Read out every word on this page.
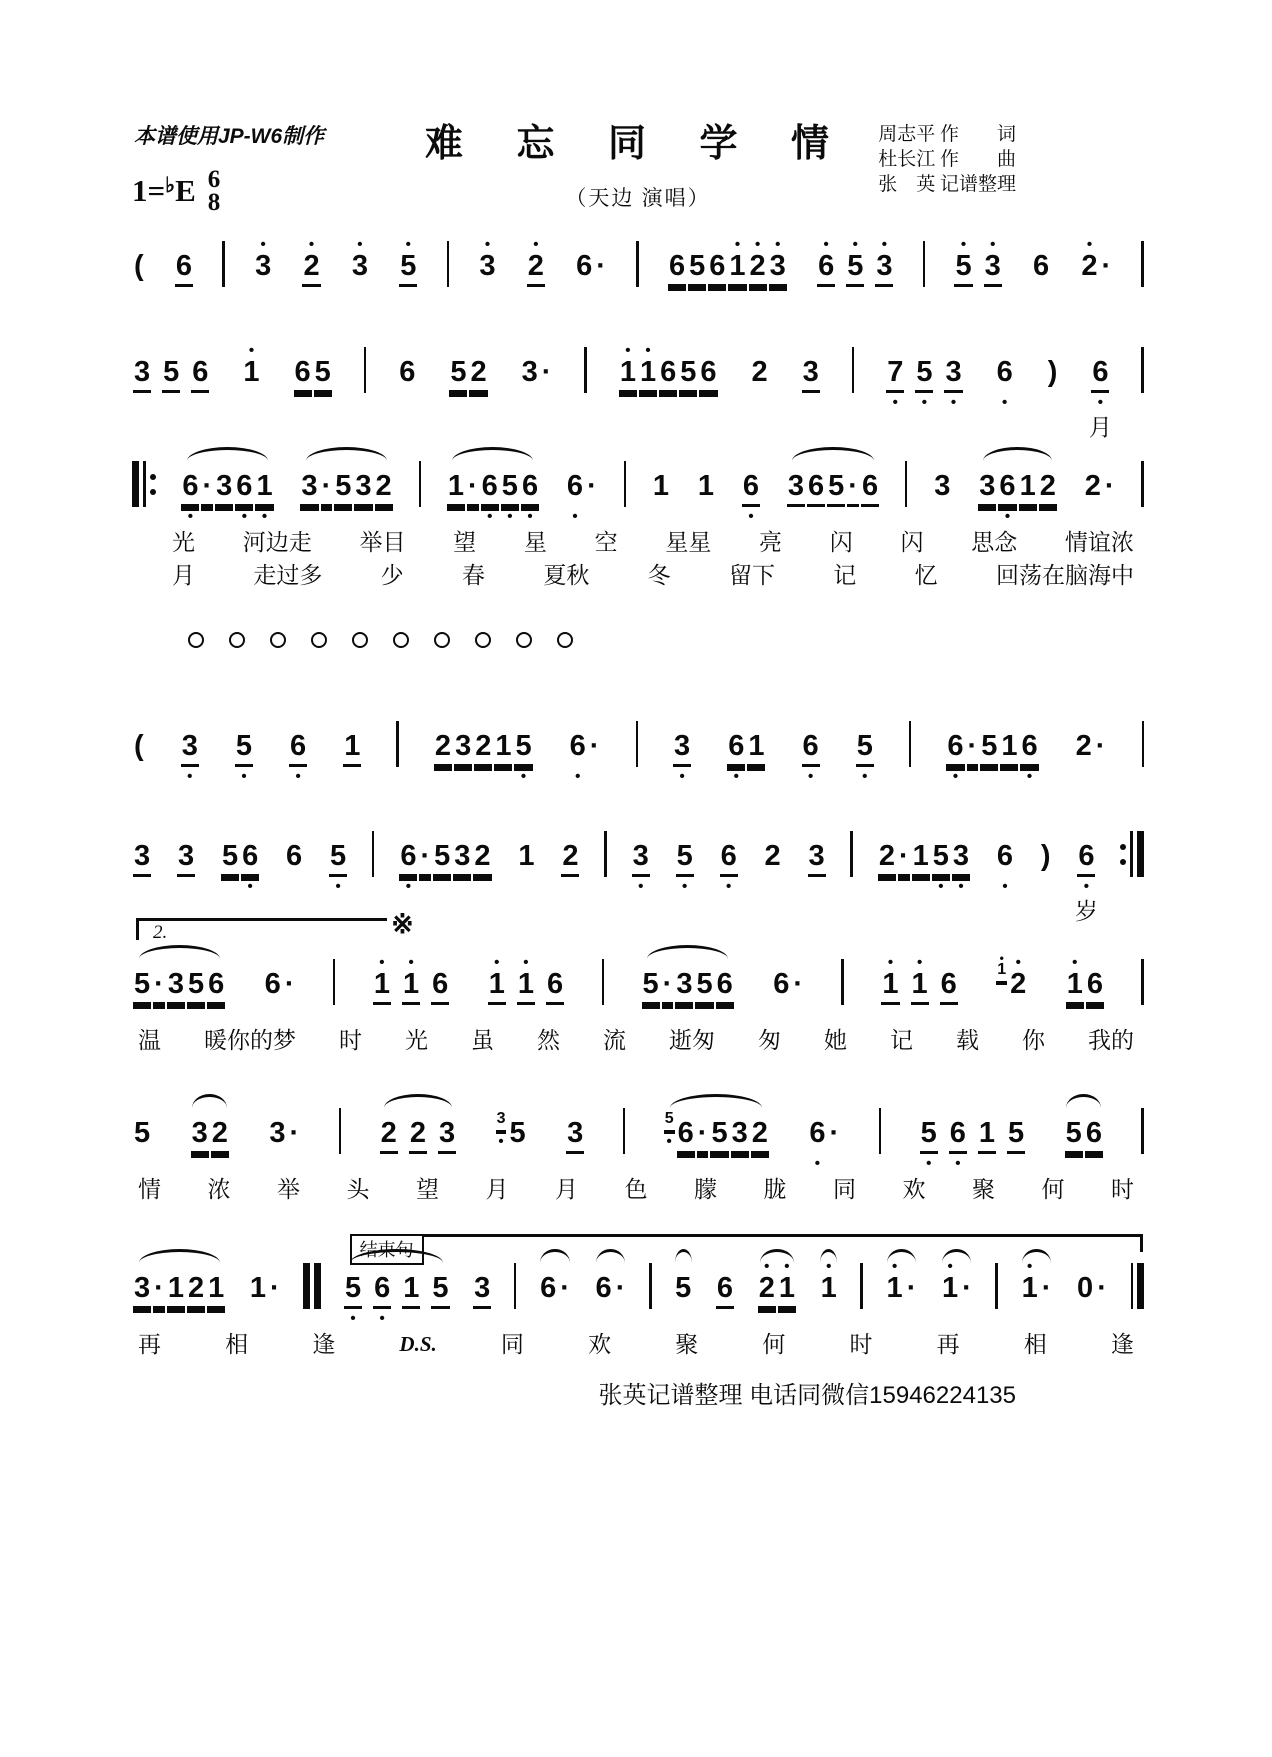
本谱使用JP-W6制作	难 忘 同 学 情	周志平 作　　词
杜长江 作　　曲
张　英 记谱整理
1=♭E 6
8	（天边 演唱）

(

6

•
3

•
2

•
3

•
5

•
3

•
2

6

·

6

5

6

•
1

•
2

•
3

•
6

•
5

•
3

•
5

•
3

6

•
2

·

3

5

6

•
1

6

5

6

5

2

3

·

•
1

•
1

6

5

6

2

3

7
•

5
•

3
•

6
•

)

6
•
月

6
•

·

3

6
•

1
•

3

·

5

3

2

1

·

6
•

5
•

6
•

6
•

·

1

1

6
•

3

6

5

·

6

3

3

6
•

1

2

2

·

光 河边走 举目 望 星 空 星星 亮 闪 闪 思念 情谊浓
月	走过多	少	春	夏秋	冬	留下	记	忆	回荡在脑海中

(

3
•

5
•

6
•

1

	2

3

2

1

5
•

6
•

·

	3
•

6
•

1

6
•

5
•

6
•

·

5

1

6
•

2

·

3

3

5

6
•

6

5
•

6
•

·

5

3

2

1

2

3
•

5
•

6
•

2

3

2

·

1

5
•

3
•

6
•

)

6
•
岁
2.	※

5

·

3

5

6

6

·

•
1

•
1

6

•
1

•
1

6

	5

·

3

5

6

6

·

•
1

•
1

6

•
1
•
2

•
1

6

温 暖你的梦 时 光 虽 然 流 逝匆 匆 她 记 载 你 我的

5

3

2

3

·

	2

2

3

	3
•
5

3

	5
•
6

·

5

3

2

6
•

·

	5
•

6
•

1

5

5

6

情 浓 举 头 望 月 月 色 朦 胧 同 欢 聚 何 时
结束句

3

·

1

2

1

1

·

5
•

6
•

1

5

3

6

·

6

·

5

6

•
2

•
1

•
1

•
1

·

•
1

·

•
1

·

0

·

再	相	逢	D.S.	同	欢	聚	何	时	再	相	逢
张英记谱整理 电话同微信15946224135
